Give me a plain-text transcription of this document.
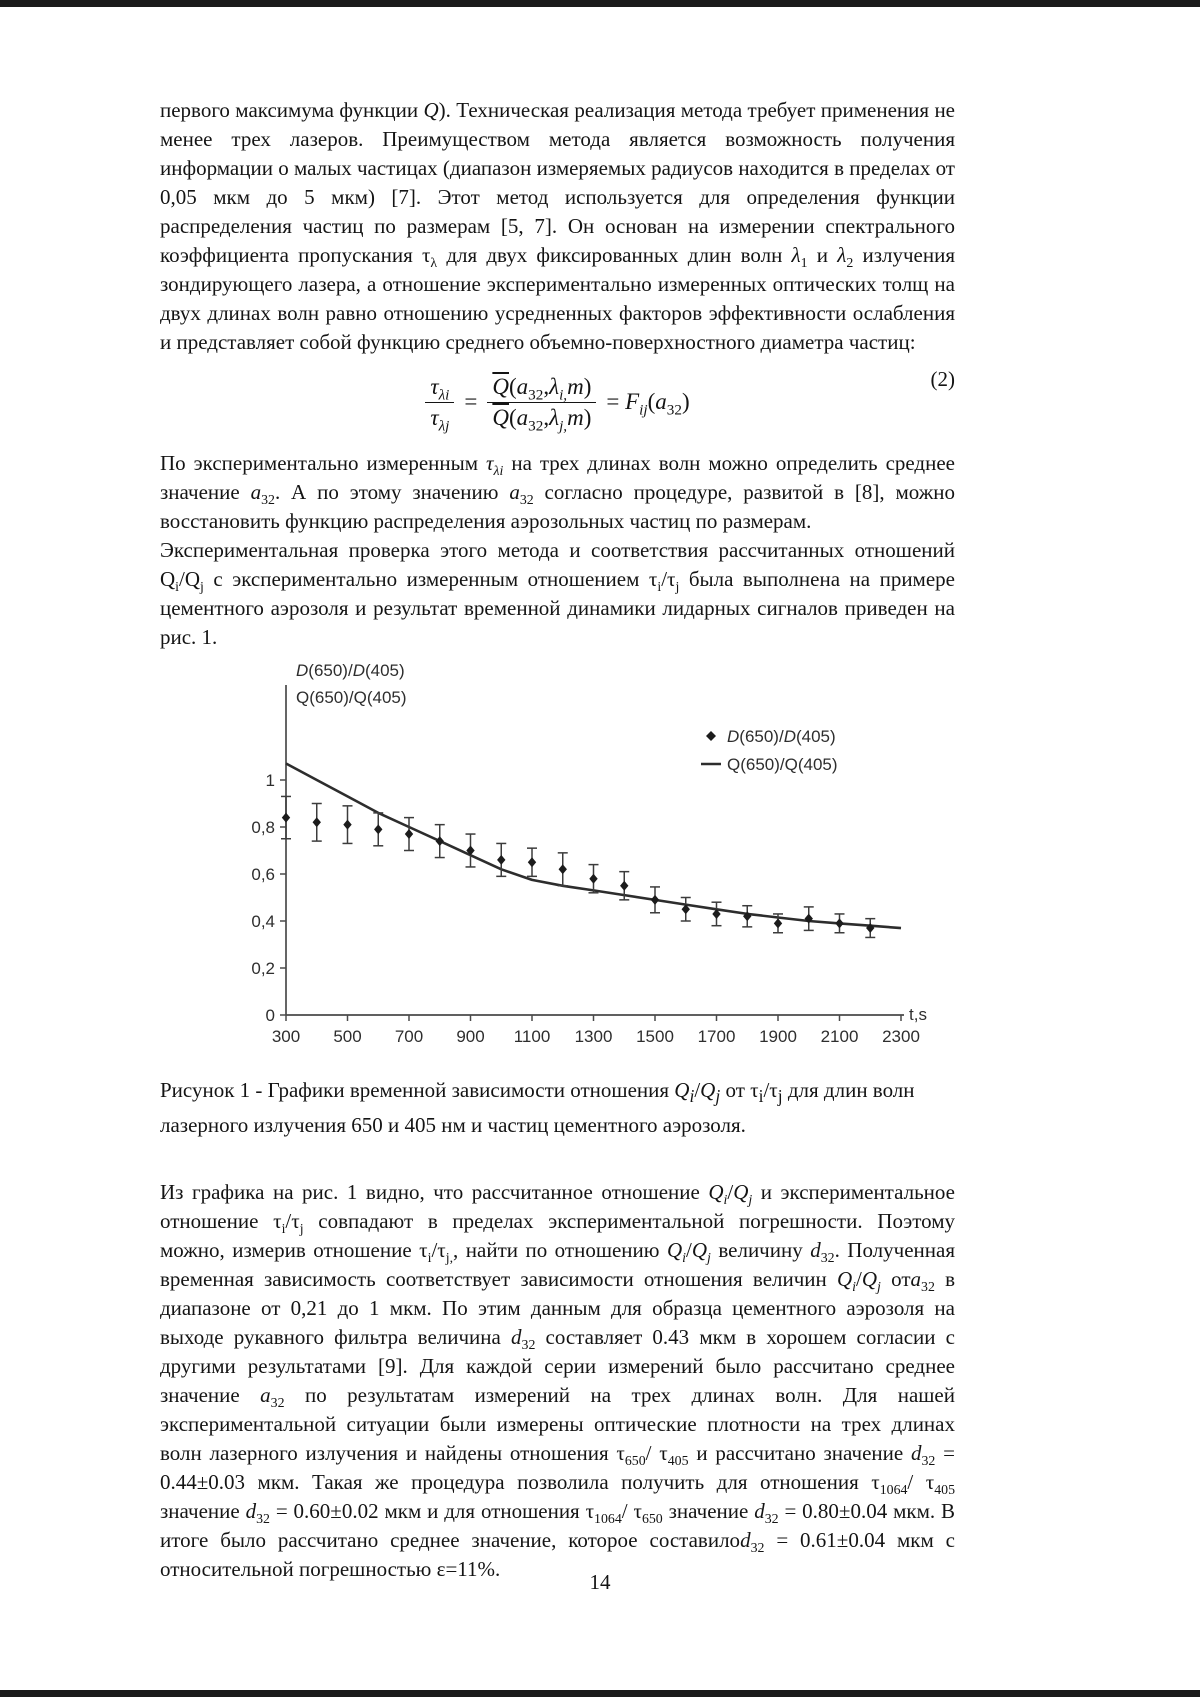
первого максимума функции Q). Техническая реализация метода требует применения не менее трех лазеров. Преимуществом метода является возможность получения информации о малых частицах (диапазон измеряемых радиусов находится в пределах от 0,05 мкм до 5 мкм) [7]. Этот метод используется для определения функции распределения частиц по размерам [5, 7]. Он основан на измерении спектрального коэффициента пропускания $\tau_\lambda$ для двух фиксированных длин волн $\lambda_1$ и $\lambda_2$ излучения зондирующего лазера, а отношение экспериментально измеренных оптических толщ на двух длинах волн равно отношению усредненных факторов эффективности ослабления и представляет собой функцию среднего объемно-поверхностного диаметра частиц:

$\frac{\tau_{\lambda i}}{\tau_{\lambda j}} = \frac{\overline{Q}(a_{32},\lambda_{i,}m)}{\overline{Q}(a_{32},\lambda_{j,}m)} = F_{ij}(a_{32})$
(2)

По экспериментально измеренным $\tau_{\lambda i}$ на трех длинах волн можно определить среднее значение $a_{32}$. А по этому значению $a_{32}$ согласно процедуре, развитой в [8], можно восстановить функцию распределения аэрозольных частиц по размерам.

Экспериментальная проверка этого метода и соответствия рассчитанных отношений $Q_i/Q_j$ с экспериментально измеренным отношением $\tau_i/\tau_j$ была выполнена на примере цементного аэрозоля и результат временной динамики лидарных сигналов приведен на рис. 1.

300 500 700 900 1100 1300 1500 1700 1900 2100 2300
0
0,2
0,4
0,6
0,8
1
t,s
D(650)/D(405)
Q(650)/Q(405)
D(650)/D(405)
Q(650)/Q(405)

Рисунок 1 - Графики временной зависимости отношения $Q_i/Q_j$ от $\tau_i/\tau_j$ для длин волн лазерного излучения 650 и 405 нм и частиц цементного аэрозоля.

Из графика на рис. 1 видно, что рассчитанное отношение $Q_i/Q_j$ и экспериментальное отношение $\tau_i/\tau_j$ совпадают в пределах экспериментальной погрешности. Поэтому можно, измерив отношение $\tau_i/\tau_{j,}$, найти по отношению $Q_i/Q_j$ величину $d_{32}$. Полученная временная зависимость соответствует зависимости отношения величин $Q_i/Q_j$ отa$_{32}$ в диапазоне от 0,21 до 1 мкм. По этим данным для образца цементного аэрозоля на выходе рукавного фильтра величина $d_{32}$ составляет 0.43 мкм в хорошем согласии с другими результатами [9]. Для каждой серии измерений было рассчитано среднее значение $a_{32}$ по результатам измерений на трех длинах волн. Для нашей экспериментальной ситуации были измерены оптические плотности на трех длинах волн лазерного излучения и найдены отношения $\tau_{650}/$ $\tau_{405}$ и рассчитано значение $d_{32} = 0.44\pm 0.03$ мкм. Такая же процедура позволила получить для отношения $\tau_{1064}/$ $\tau_{405}$ значение $d_{32} = 0.60\pm 0.02$ мкм и для отношения $\tau_{1064}/$ $\tau_{650}$ значение $d_{32} = 0.80\pm 0.04$ мкм. В итоге было рассчитано среднее значение, которое составилоd$_{32}$ = 0.61±0.04 мкм с относительной погрешностью ε=11%.

14
